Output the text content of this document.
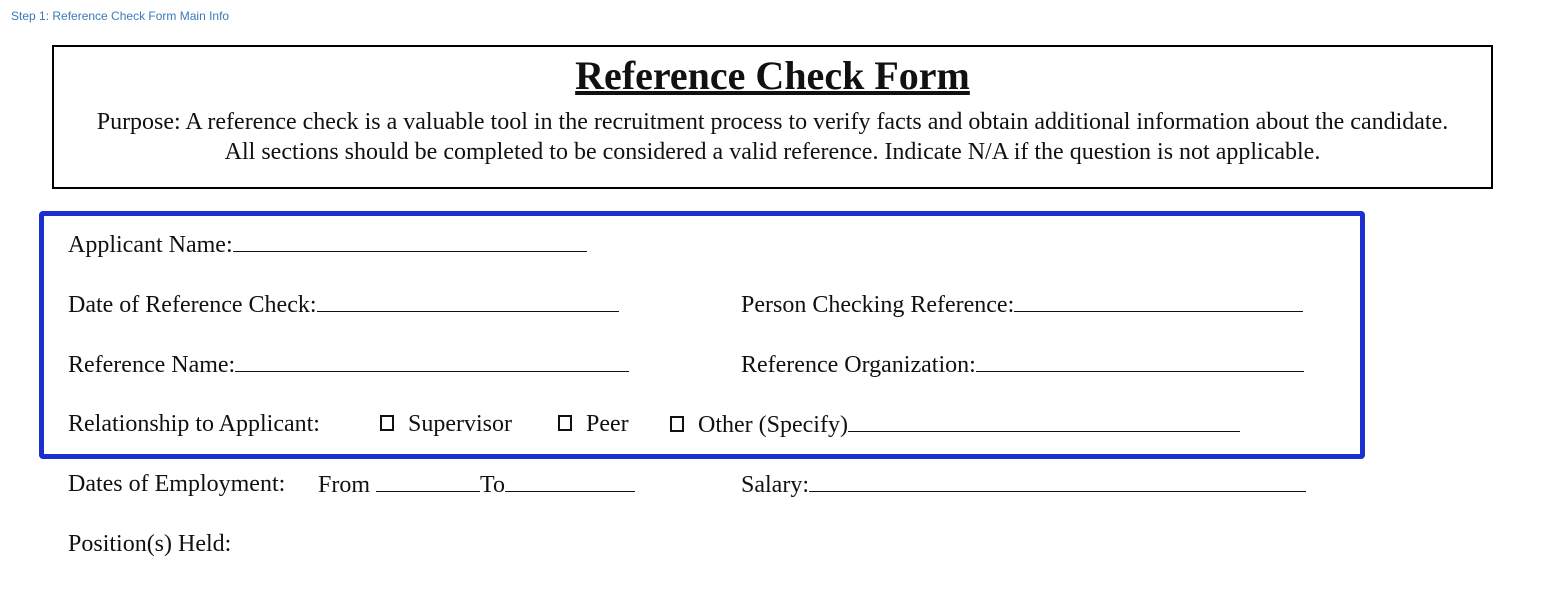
Step 1: Reference Check Form Main Info
Reference Check Form
Purpose: A reference check is a valuable tool in the recruitment process to verify facts and obtain additional information about the candidate. All sections should be completed to be considered a valid reference. Indicate N/A if the question is not applicable.
Applicant Name:
Date of Reference Check:	Person Checking Reference:
Reference Name:	Reference Organization:
Relationship to Applicant:	Supervisor	Peer	Other (Specify)
Dates of Employment: From	To	Salary:
Position(s) Held:
